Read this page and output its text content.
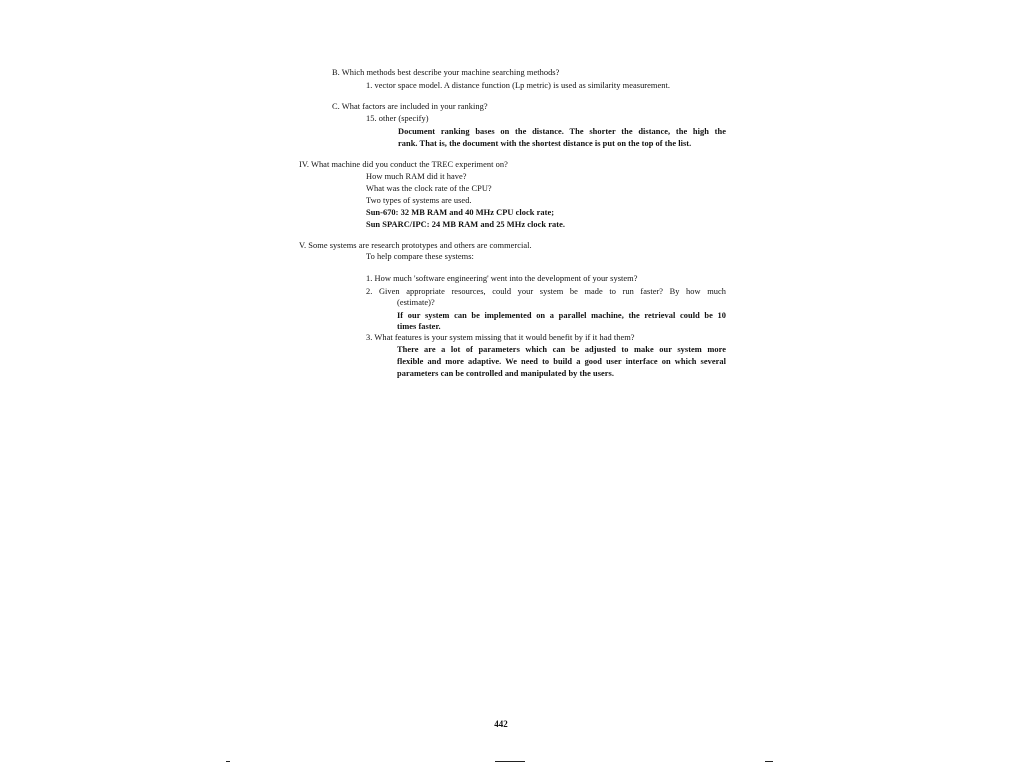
B. Which methods best describe your machine searching methods?
1. vector space model. A distance function (Lp metric) is used as similarity measurement.
C. What factors are included in your ranking?
15. other (specify)
Document ranking bases on the distance. The shorter the distance, the high the
rank. That is, the document with the shortest distance is put on the top of the list.
IV. What machine did you conduct the TREC experiment on?
How much RAM did it have?
What was the clock rate of the CPU?
Two types of systems are used.
Sun-670: 32 MB RAM and 40 MHz CPU clock rate;
Sun SPARC/IPC: 24 MB RAM and 25 MHz clock rate.
V. Some systems are research prototypes and others are commercial.
To help compare these systems:
1. How much 'software engineering' went into the development of your system?
2. Given appropriate resources, could your system be made to run faster? By how much
(estimate)?
If our system can be implemented on a parallel machine, the retrieval could be 10
times faster.
3. What features is your system missing that it would benefit by if it had them?
There are a lot of parameters which can be adjusted to make our system more
flexible and more adaptive. We need to build a good user interface on which several
parameters can be controlled and manipulated by the users.
442
